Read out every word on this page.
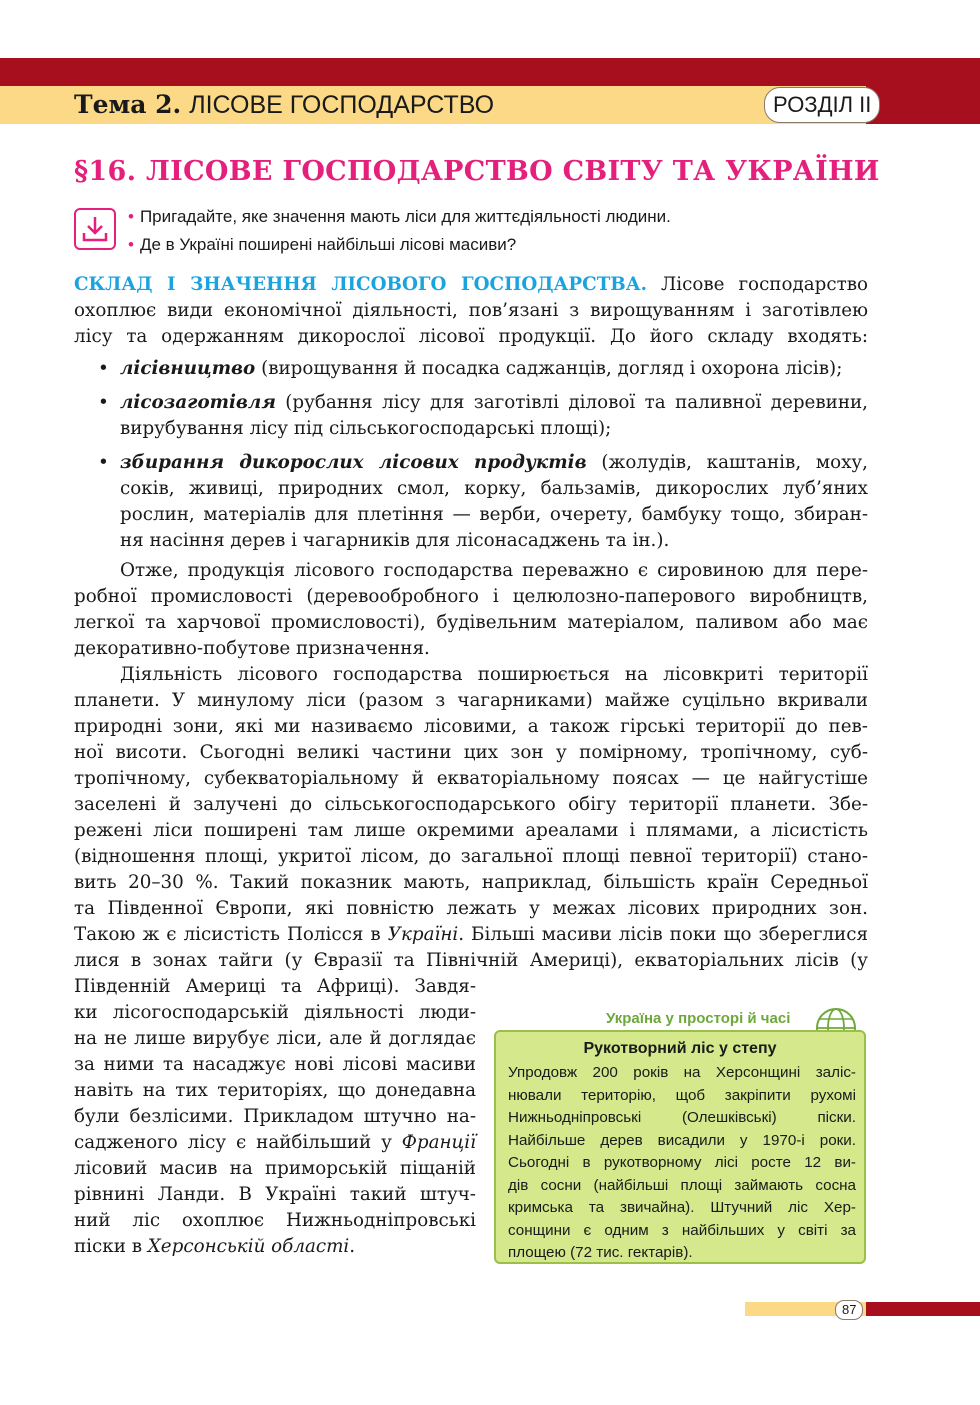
Тема 2. ЛІСОВЕ ГОСПОДАРСТВО	РОЗДІЛ ІІ
§16. ЛІСОВЕ ГОСПОДАРСТВО СВІТУ ТА УКРАЇНИ
• Пригадайте, яке значення мають ліси для життєдіяльності людини.
• Де в Україні поширені найбільші лісові масиви?
СКЛАД І ЗНАЧЕННЯ ЛІСОВОГО ГОСПОДАРСТВА. Лісове господарство
охоплює види економічної діяльності, пов’язані з вирощуванням і заготівлею
лісу та одержанням дикорослої лісової продукції. До його складу входять:
• лісівництво (вирощування й посадка саджанців, догляд і охорона лісів);
• лісозаготівля (рубання лісу для заготівлі ділової та паливної деревини,
вирубування лісу під сільськогосподарські площі);
• збирання дикорослих лісових продуктів (жолудів, каштанів, моху,
соків, живиці, природних смол, корку, бальзамів, дикорослих луб’яних
рослин, матеріалів для плетіння — верби, очерету, бамбуку тощо, збиран-
ня насіння дерев і чагарників для лісонасаджень та ін.).
Отже, продукція лісового господарства переважно є сировиною для пере-
робної промисловості (деревообробного і целюлозно-паперового виробництв,
легкої та харчової промисловості), будівельним матеріалом, паливом або має
декоративно-побутове призначення.
Діяльність лісового господарства поширюється на лісовкриті території
планети. У минулому ліси (разом з чагарниками) майже суцільно вкривали
природні зони, які ми називаємо лісовими, а також гірські території до пев-
ної висоти. Сьогодні великі частини цих зон у помірному, тропічному, суб-
тропічному, субекваторіальному й екваторіальному поясах — це найгустіше
заселені й залучені до сільськогосподарського обігу території планети. Збе-
режені ліси поширені там лише окремими ареалами і плямами, а лісистість
(відношення площі, укритої лісом, до загальної площі певної території) стано-
вить 20–30 %. Такий показник мають, наприклад, більшість країн Середньої
та Південної Європи, які повністю лежать у межах лісових природних зон.
Такою ж є лісистість Полісся в Україні. Більші масиви лісів поки що збереглися
лися в зонах тайги (у Євразії та Північній Америці), екваторіальних лісів (у
Південній Америці та Африці). Завдя-
ки лісогосподарській діяльності люди-
на не лише вирубує ліси, але й доглядає
за ними та насаджує нові лісові масиви
навіть на тих територіях, що донедавна
були безлісими. Прикладом штучно на-
садженого лісу є найбільший у Франції
лісовий масив на приморській піщаній
рівнині Ланди. В Україні такий штуч-
ний ліс охоплює Нижньодніпровські
піски в Херсонській області.
Україна у просторі й часі
Рукотворний ліс у степу
Упродовж 200 років на Херсонщині заліс-
нювали територію, щоб закріпити рухомі
Нижньодніпровські (Олешківські) піски.
Найбільше дерев висадили у 1970-і роки.
Сьогодні в рукотворному лісі росте 12 ви-
дів сосни (найбільші площі займають сосна
кримська та звичайна). Штучний ліс Хер-
сонщини є одним з найбільших у світі за
площею (72 тис. гектарів).
87
